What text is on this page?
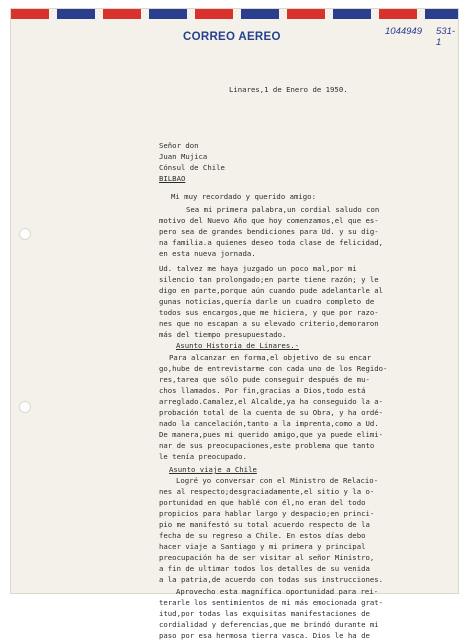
CORREO AEREO	1044949 531-1
Linares,1 de Enero de 1950.
Señor don
Juan Mujica
Cónsul de Chile
BILBAO
Mi muy recordado y querido amigo:
Sea mi primera palabra,un cordial saludo con
motivo del Nuevo Año que hoy comenzamos,el que es-
pero sea de grandes bendiciones para Ud. y su dig-
na familia.a quienes deseo toda clase de felicidad,
en esta nueva jornada.
Ud. talvez me haya juzgado un poco mal,por mi
silencio tan prolongado;en parte tiene razón; y le
digo en parte,porque aún cuando pude adelantarle al
gunas noticias,quería darle un cuadro completo de
todos sus encargos,que me hiciera, y que por razo-
nes que no escapan a su elevado criterio,demoraron
más del tiempo presupuestado.
Asunto Historia de Linares.-
Para alcanzar en forma,el objetivo de su encar
go,hube de entrevistarme con cada uno de los Regido-
res,tarea que sólo pude conseguir después de mu-
chos llamados. Por fin,gracias a Dios,todo está
arreglado.Camalez,el Alcalde,ya ha conseguido la a-
probación total de la cuenta de su Obra, y ha ordé-
nado la cancelación,tanto a la imprenta,como a Ud.
De manera,pues mi querido amigo,que ya puede elimi-
nar de sus preocupaciones,este problema que tanto
le tenía preocupado.
Asunto viaje a Chile
Logré yo conversar con el Ministro de Relacio-
nes al respecto;desgraciadamente,el sitio y la o-
portunidad en que hablé con él,no eran del todo
propicios para hablar largo y despacio;en princi-
pio me manifestó su total acuerdo respecto de la
fecha de su regreso a Chile. En estos días debo
hacer viaje a Santiago y mi primera y principal
preocupación ha de ser visitar al señor Ministro,
a fin de ultimar todos los detalles de su venida
a la patria,de acuerdo con todas sus instrucciones.
Aprovecho esta magnífica oportunidad para rei-
terarle los sentimientos de mi más emocionada grat-
itud,por todas las exquisitas manifestaciones de
cordialidad y deferencias,que me brindó durante mi
paso por esa hermosa tierra vasca. Dios le ha de
